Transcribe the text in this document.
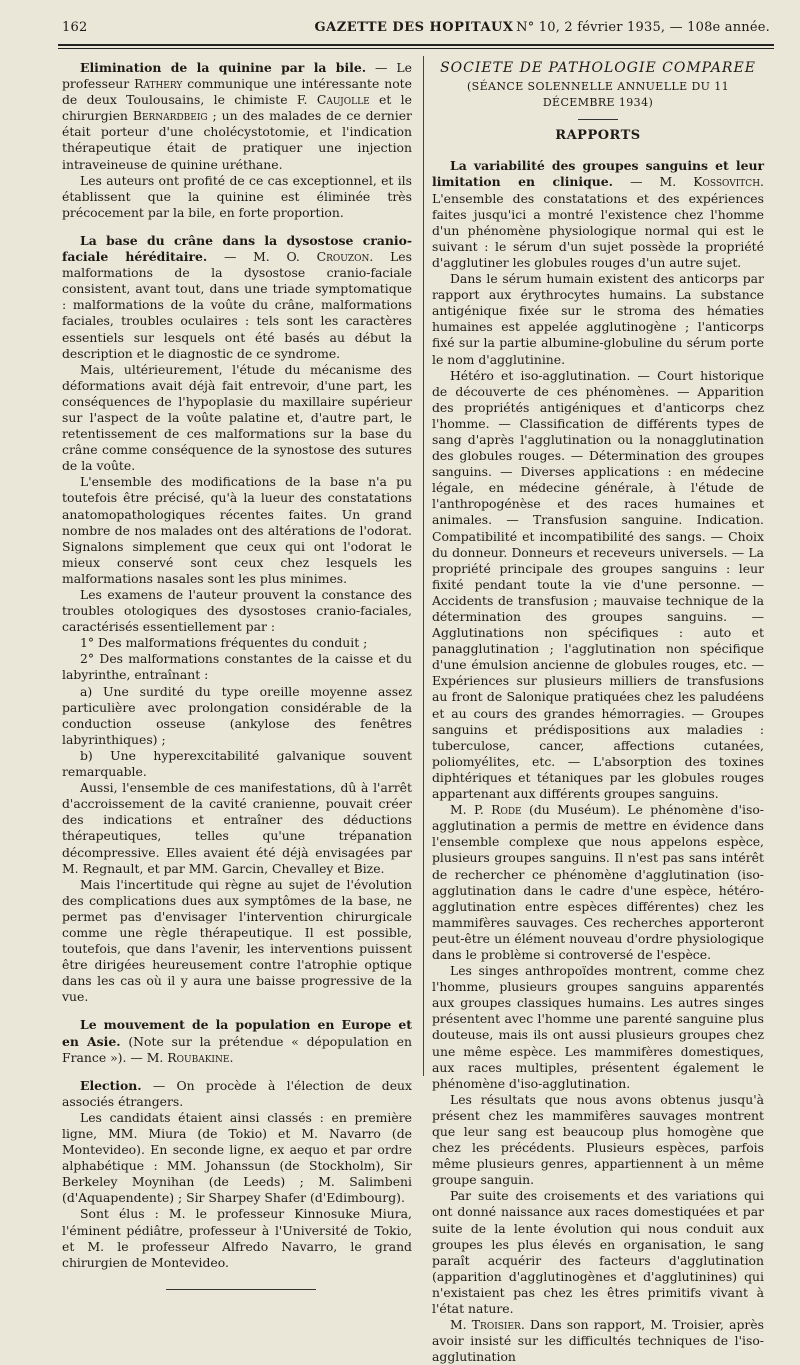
162	GAZETTE DES HOPITAUX N° 10, 2 février 1935, — 108e année.

Elimination de la quinine par la bile. — Le professeur Rathery communique une intéressante note de deux Toulousains, le chimiste F. Caujolle et le chirurgien Bernardbeig ; un des malades de ce dernier était porteur d'une cholécystotomie, et l'indication thérapeutique était de pratiquer une injection intraveineuse de quinine uréthane.

Les auteurs ont profité de ce cas exceptionnel, et ils établissent que la quinine est éliminée très précocement par la bile, en forte proportion.

La base du crâne dans la dysostose cranio-faciale héréditaire. — M. O. Crouzon. Les malformations de la dysostose cranio-faciale consistent, avant tout, dans une triade symptomatique : malformations de la voûte du crâne, malformations faciales, troubles oculaires : tels sont les caractères essentiels sur lesquels ont été basés au début la description et le diagnostic de ce syndrome.

Mais, ultérieurement, l'étude du mécanisme des déformations avait déjà fait entrevoir, d'une part, les conséquences de l'hypoplasie du maxillaire supérieur sur l'aspect de la voûte palatine et, d'autre part, le retentissement de ces malformations sur la base du crâne comme conséquence de la synostose des sutures de la voûte.

L'ensemble des modifications de la base n'a pu toutefois être précisé, qu'à la lueur des constatations anatomopathologiques récentes faites. Un grand nombre de nos malades ont des altérations de l'odorat. Signalons simplement que ceux qui ont l'odorat le mieux conservé sont ceux chez lesquels les malformations nasales sont les plus minimes.

Les examens de l'auteur prouvent la constance des troubles otologiques des dysostoses cranio-faciales, caractérisés essentiellement par :

1° Des malformations fréquentes du conduit ;

2° Des malformations constantes de la caisse et du labyrinthe, entraînant :

a) Une surdité du type oreille moyenne assez particulière avec prolongation considérable de la conduction osseuse (ankylose des fenêtres labyrinthiques) ;

b) Une hyperexcitabilité galvanique souvent remarquable.

Aussi, l'ensemble de ces manifestations, dû à l'arrêt d'accroissement de la cavité cranienne, pouvait créer des indications et entraîner des déductions thérapeutiques, telles qu'une trépanation décompressive. Elles avaient été déjà envisagées par M. Regnault, et par MM. Garcin, Chevalley et Bize.

Mais l'incertitude qui règne au sujet de l'évolution des complications dues aux symptômes de la base, ne permet pas d'envisager l'intervention chirurgicale comme une règle thérapeutique. Il est possible, toutefois, que dans l'avenir, les interventions puissent être dirigées heureusement contre l'atrophie optique dans les cas où il y aura une baisse progressive de la vue.

Le mouvement de la population en Europe et en Asie. (Note sur la prétendue « dépopulation en France »). — M. Roubakine.

Election. — On procède à l'élection de deux associés étrangers.

Les candidats étaient ainsi classés : en première ligne, MM. Miura (de Tokio) et M. Navarro (de Montevideo). En seconde ligne, ex aequo et par ordre alphabétique : MM. Johanssun (de Stockholm), Sir Berkeley Moynihan (de Leeds) ; M. Salimbeni (d'Aquapendente) ; Sir Sharpey Shafer (d'Edimbourg).

Sont élus : M. le professeur Kinnosuke Miura, l'éminent pédiâtre, professeur à l'Université de Tokio, et M. le professeur Alfredo Navarro, le grand chirurgien de Montevideo.

SOCIETE DE PATHOLOGIE COMPAREE
(SÉANCE SOLENNELLE ANNUELLE DU 11 DÉCEMBRE 1934)
RAPPORTS

La variabilité des groupes sanguins et leur limitation en clinique. — M. Kossovitch. L'ensemble des constatations et des expériences faites jusqu'ici a montré l'existence chez l'homme d'un phénomène physiologique normal qui est le suivant : le sérum d'un sujet possède la propriété d'agglutiner les globules rouges d'un autre sujet.

Dans le sérum humain existent des anticorps par rapport aux érythrocytes humains. La substance antigénique fixée sur le stroma des hématies humaines est appelée agglutinogène ; l'anticorps fixé sur la partie albumine-globuline du sérum porte le nom d'agglutinine.

Hétéro et iso-agglutination. — Court historique de découverte de ces phénomènes. — Apparition des propriétés antigéniques et d'anticorps chez l'homme. — Classification de différents types de sang d'après l'agglutination ou la nonagglutination des globules rouges. — Détermination des groupes sanguins. — Diverses applications : en médecine légale, en médecine générale, à l'étude de l'anthropogénèse et des races humaines et animales. — Transfusion sanguine. Indication. Compatibilité et incompatibilité des sangs. — Choix du donneur. Donneurs et receveurs universels. — La propriété principale des groupes sanguins : leur fixité pendant toute la vie d'une personne. — Accidents de transfusion ; mauvaise technique de la détermination des groupes sanguins. — Agglutinations non spécifiques : auto et panagglutination ; l'agglutination non spécifique d'une émulsion ancienne de globules rouges, etc. — Expériences sur plusieurs milliers de transfusions au front de Salonique pratiquées chez les paludéens et au cours des grandes hémorragies. — Groupes sanguins et prédispositions aux maladies : tuberculose, cancer, affections cutanées, poliomyélites, etc. — L'absorption des toxines diphtériques et tétaniques par les globules rouges appartenant aux différents groupes sanguins.

M. P. Rode (du Muséum). Le phénomène d'iso-agglutination a permis de mettre en évidence dans l'ensemble complexe que nous appelons espèce, plusieurs groupes sanguins. Il n'est pas sans intérêt de rechercher ce phénomène d'agglutination (iso-agglutination dans le cadre d'une espèce, hétéro-agglutination entre espèces différentes) chez les mammifères sauvages. Ces recherches apporteront peut-être un élément nouveau d'ordre physiologique dans le problème si controversé de l'espèce.

Les singes anthropoïdes montrent, comme chez l'homme, plusieurs groupes sanguins apparentés aux groupes classiques humains. Les autres singes présentent avec l'homme une parenté sanguine plus douteuse, mais ils ont aussi plusieurs groupes chez une même espèce. Les mammifères domestiques, aux races multiples, présentent également le phénomène d'iso-agglutination.

Les résultats que nous avons obtenus jusqu'à présent chez les mammifères sauvages montrent que leur sang est beaucoup plus homogène que chez les précédents. Plusieurs espèces, parfois même plusieurs genres, appartiennent à un même groupe sanguin.

Par suite des croisements et des variations qui ont donné naissance aux races domestiquées et par suite de la lente évolution qui nous conduit aux groupes les plus élevés en organisation, le sang paraît acquérir des facteurs d'agglutination (apparition d'agglutinogènes et d'agglutinines) qui n'existaient pas chez les êtres primitifs vivant à l'état nature.

M. Troisier. Dans son rapport, M. Troisier, après avoir insisté sur les difficultés techniques de l'iso-agglutination
